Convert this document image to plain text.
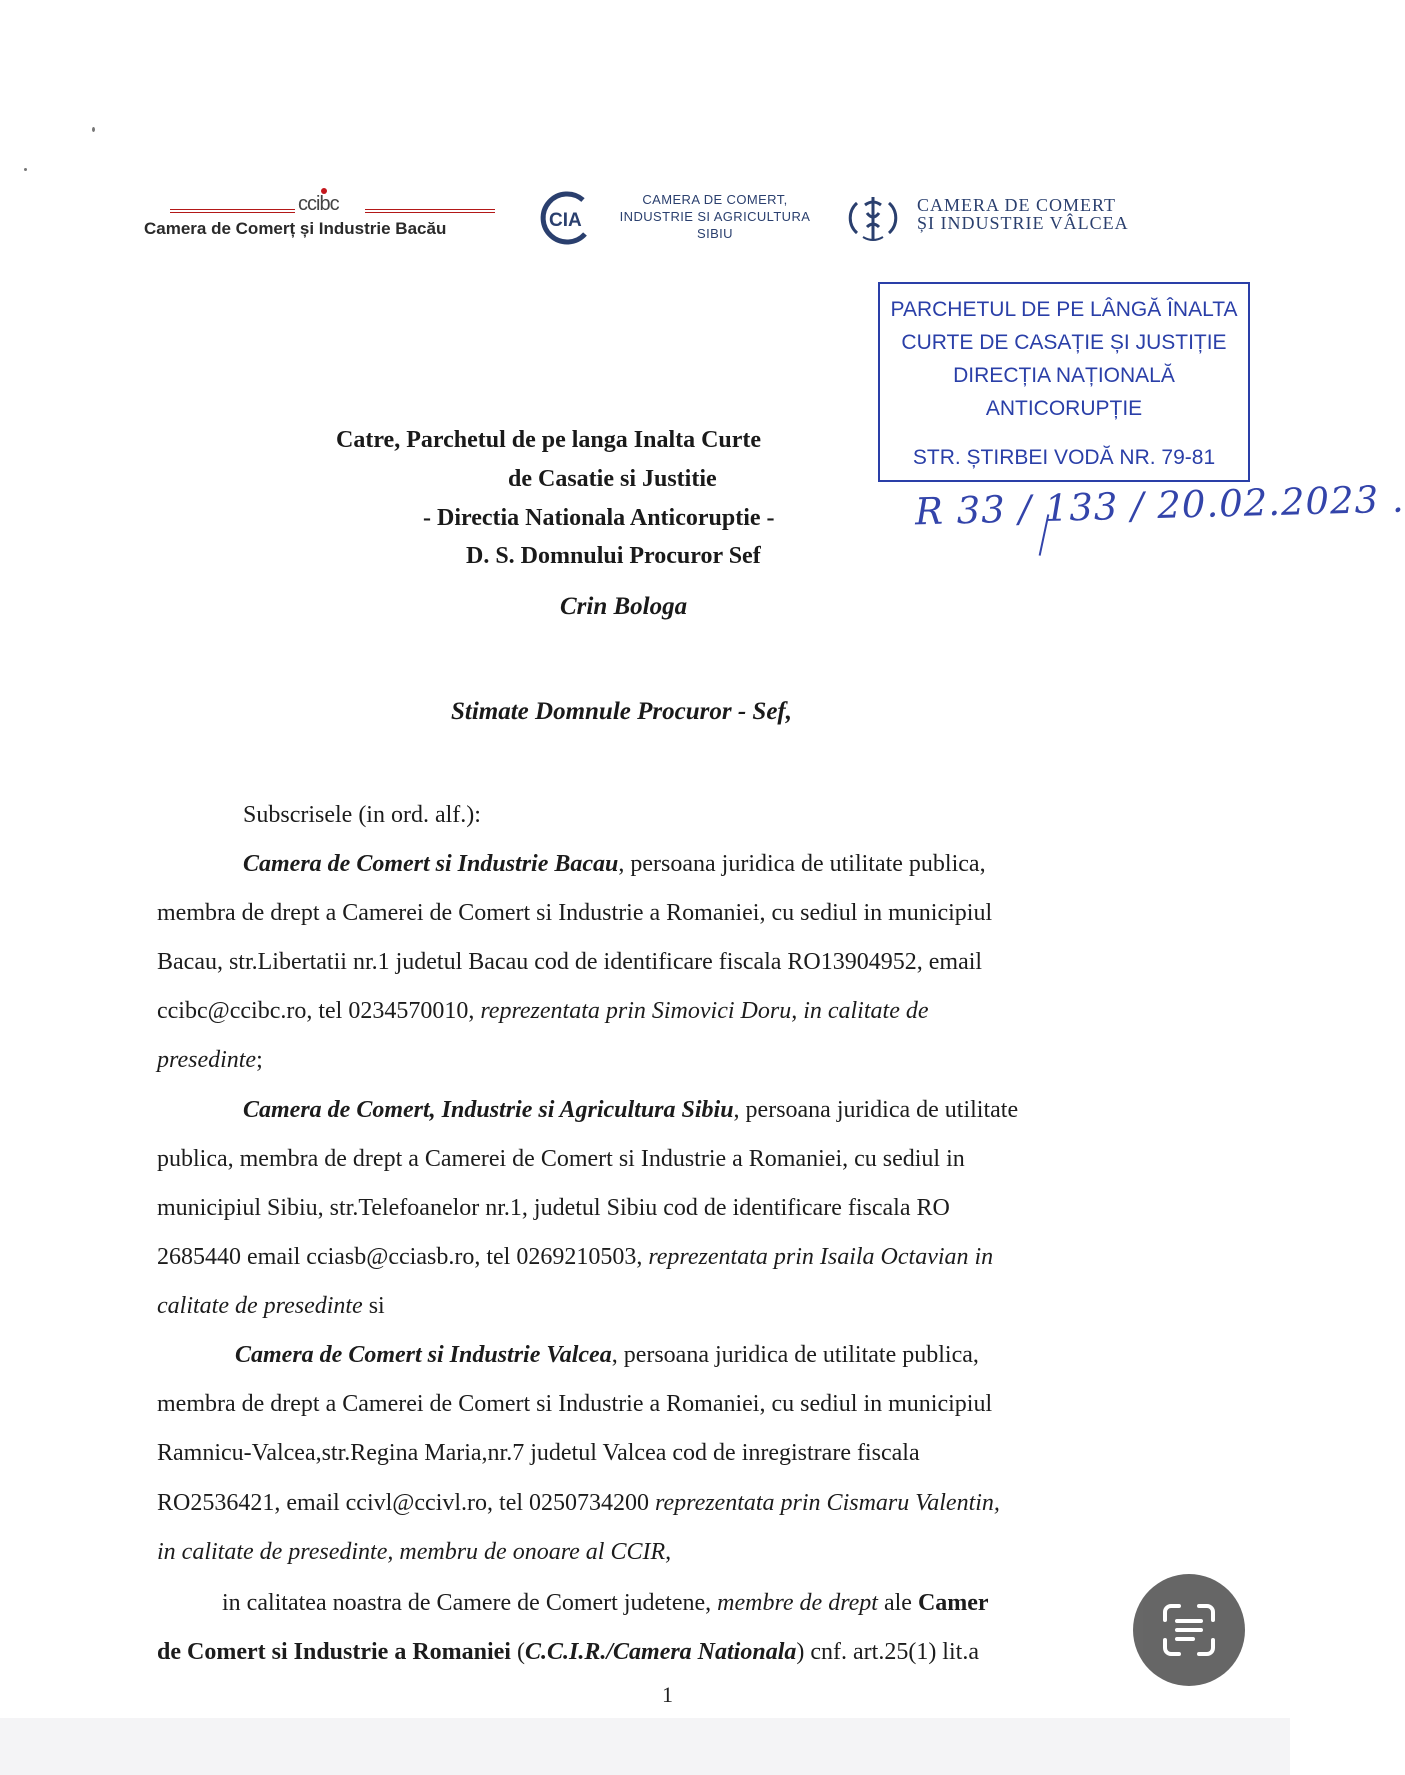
ccibc
Camera de Comerț și Industrie Bacău	CIA
CAMERA DE COMERT,
INDUSTRIE SI AGRICULTURA
SIBIU
CAMERA DE COMERT
ȘI INDUSTRIE VÂLCEA
PARCHETUL DE PE LÂNGĂ ÎNALTA
CURTE DE CASAȚIE ȘI JUSTIȚIE
DIRECȚIA NAȚIONALĂ
ANTICORUPȚIE
STR. ȘTIRBEI VODĂ NR. 79-81
R 33 / 133 / 20.02.2023 .
Catre, Parchetul de pe langa Inalta Curte
de Casatie si Justitie
- Directia Nationala Anticoruptie -
D. S. Domnului Procuror Sef
Crin Bologa
Stimate Domnule Procuror - Sef,
Subscrisele (in ord. alf.):
Camera de Comert si Industrie Bacau, persoana juridica de utilitate publica,
membra de drept a Camerei de Comert si Industrie a Romaniei, cu sediul in municipiul
Bacau, str.Libertatii nr.1 judetul Bacau cod de identificare fiscala RO13904952, email
ccibc@ccibc.ro, tel 0234570010, reprezentata prin Simovici Doru, in calitate de
presedinte;
Camera de Comert, Industrie si Agricultura Sibiu, persoana juridica de utilitate
publica, membra de drept a Camerei de Comert si Industrie a Romaniei, cu sediul in
municipiul Sibiu, str.Telefoanelor nr.1, judetul Sibiu cod de identificare fiscala RO
2685440 email cciasb@cciasb.ro, tel 0269210503, reprezentata prin Isaila Octavian in
calitate de presedinte si
Camera de Comert si Industrie Valcea, persoana juridica de utilitate publica,
membra de drept a Camerei de Comert si Industrie a Romaniei, cu sediul in municipiul
Ramnicu-Valcea,str.Regina Maria,nr.7 judetul Valcea cod de inregistrare fiscala
RO2536421, email ccivl@ccivl.ro, tel 0250734200 reprezentata prin Cismaru Valentin,
in calitate de presedinte, membru de onoare al CCIR,
in calitatea noastra de Camere de Comert judetene, membre de drept ale Camer
de Comert si Industrie a Romaniei (C.C.I.R./Camera Nationala) cnf. art.25(1) lit.a
1
